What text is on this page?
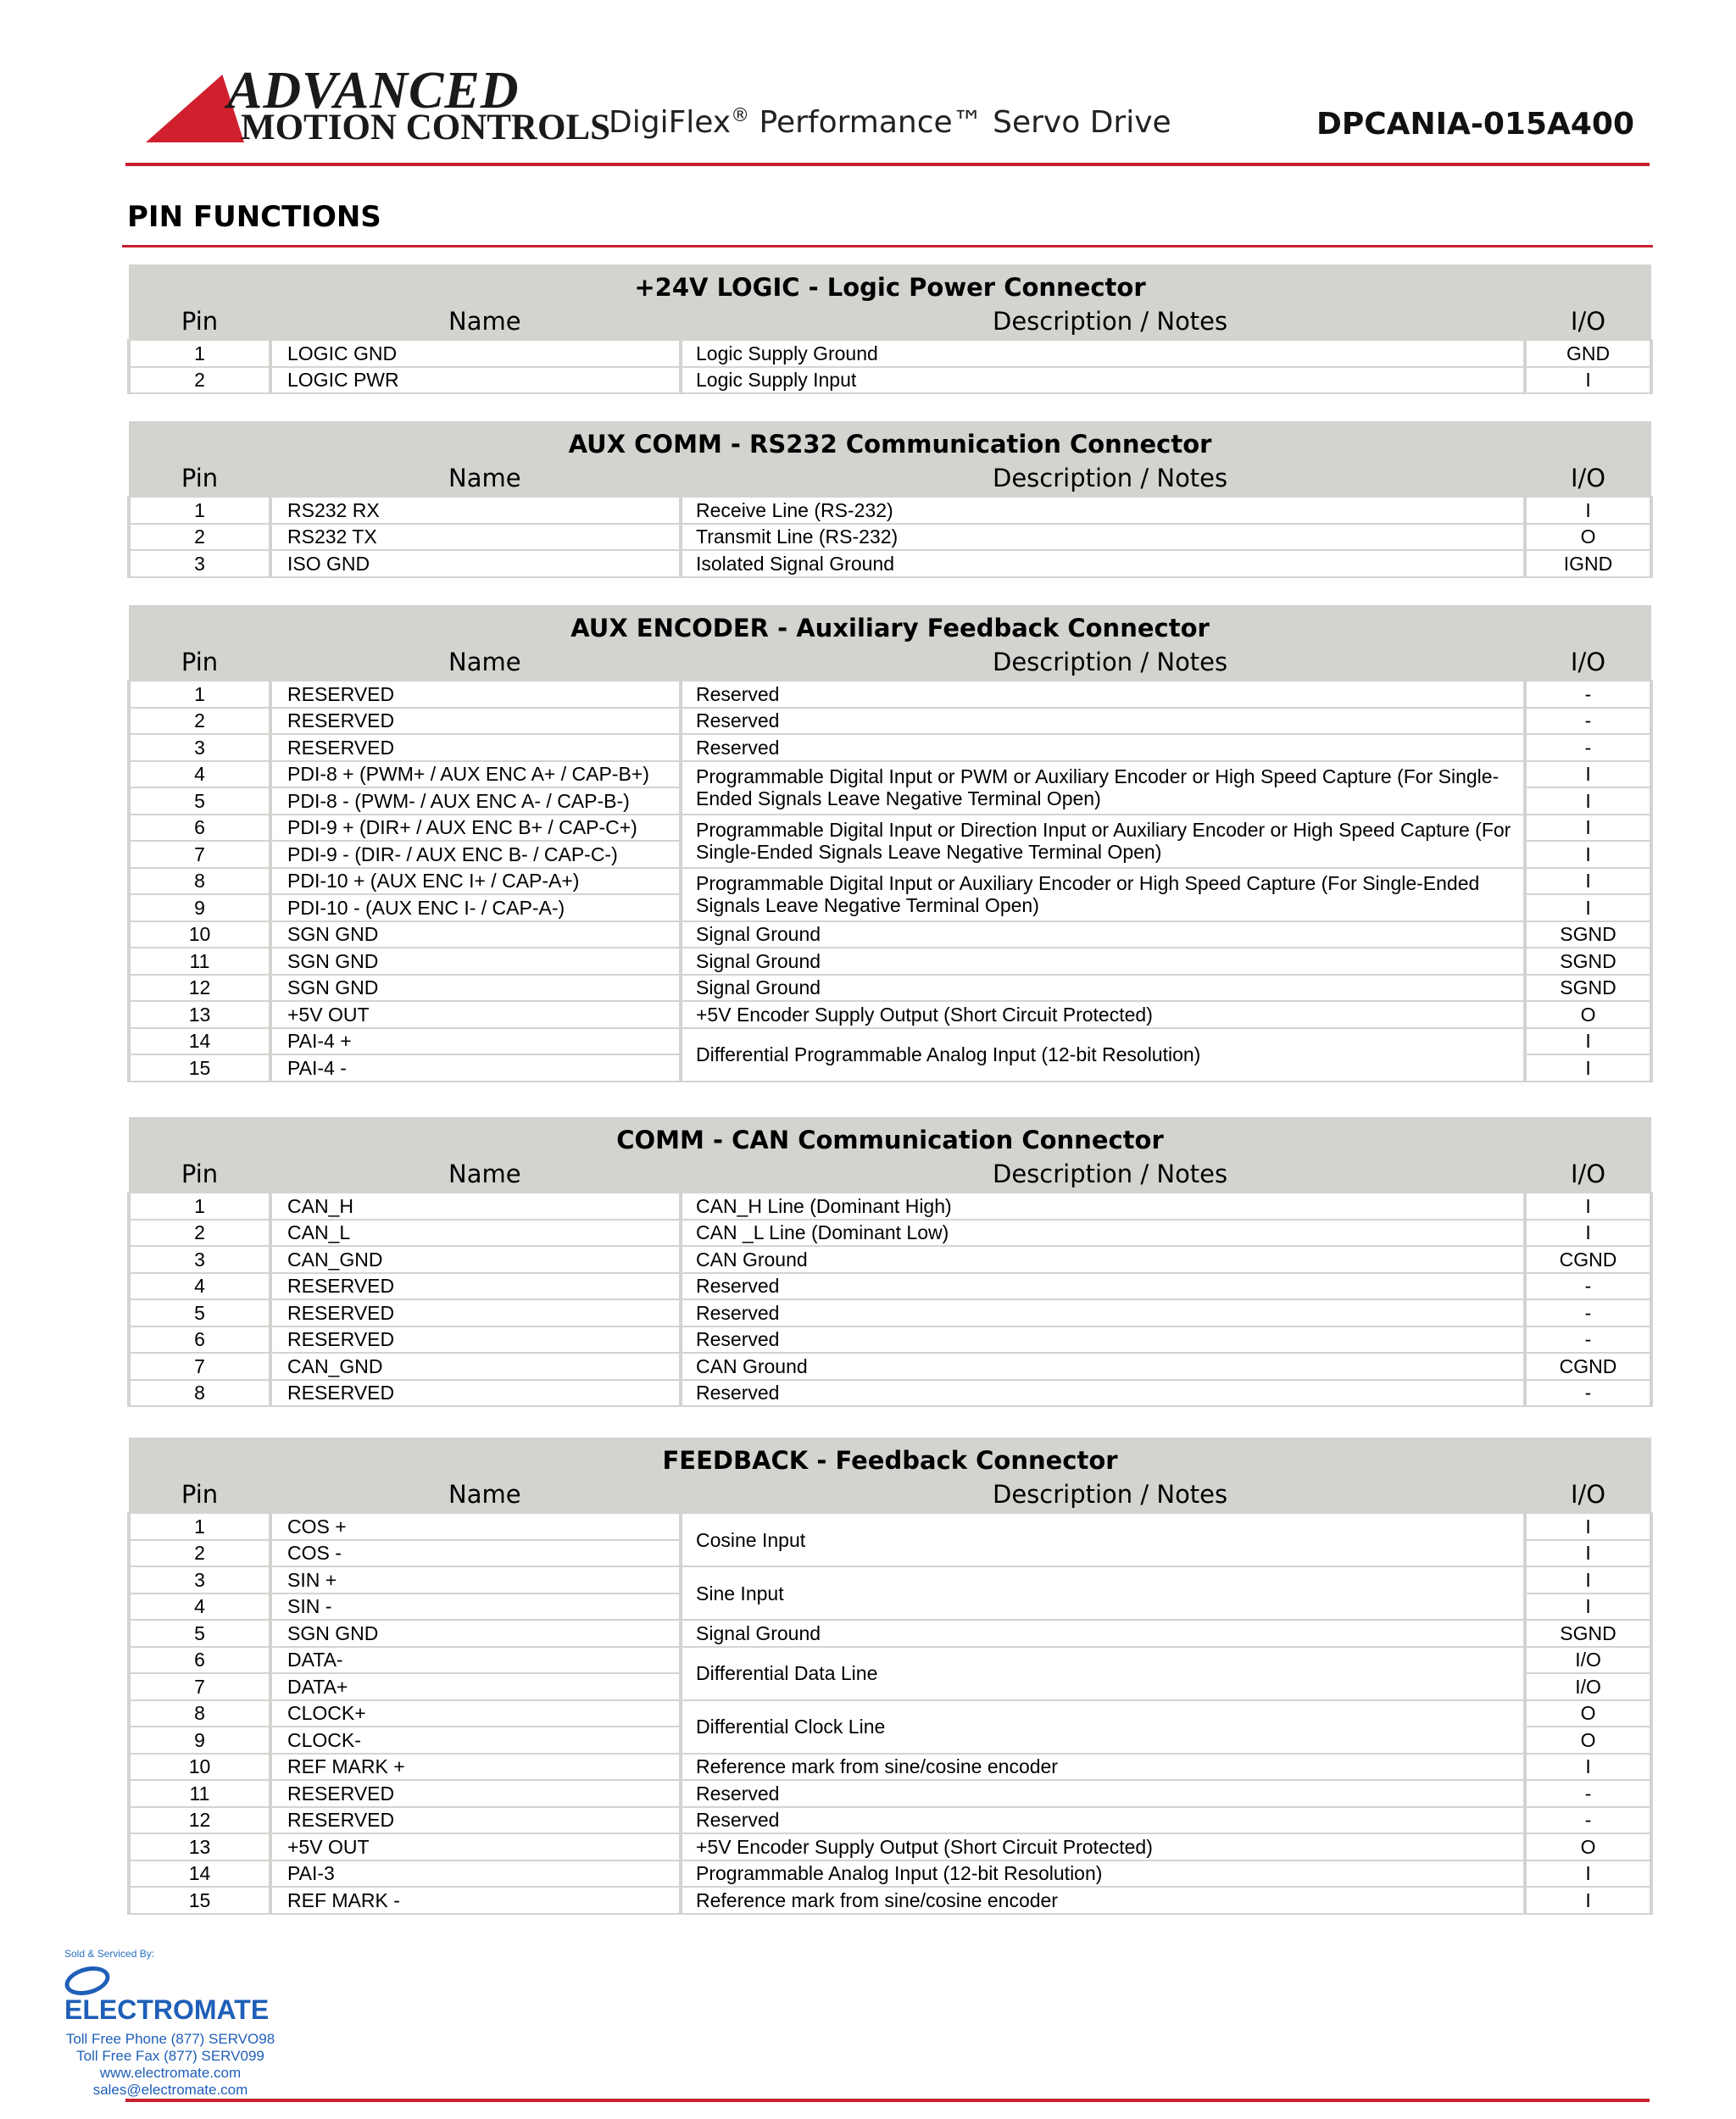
ADVANCED
MOTION CONTROLS
DigiFlex® Performance™ Servo Drive	DPCANIA-015A400
PIN FUNCTIONS
+24V LOGIC - Logic Power Connector			
Pin	Name	Description / Notes	I/O
1	LOGIC GND	Logic Supply Ground	GND
2	LOGIC PWR	Logic Supply Input	I
AUX COMM - RS232 Communication Connector			
Pin	Name	Description / Notes	I/O
1	RS232 RX	Receive Line (RS-232)	I
2	RS232 TX	Transmit Line (RS-232)	O
3	ISO GND	Isolated Signal Ground	IGND
AUX ENCODER - Auxiliary Feedback Connector			
Pin	Name	Description / Notes	I/O
1	RESERVED	Reserved	-
2	RESERVED	Reserved	-
3	RESERVED	Reserved	-
4	PDI-8 + (PWM+ / AUX ENC A+ / CAP-B+)	Programmable Digital Input or PWM or Auxiliary Encoder or High Speed Capture (For Single-Ended Signals Leave Negative Terminal Open)	I
5	PDI-8 - (PWM- / AUX ENC A- / CAP-B-)		I
6	PDI-9 + (DIR+ / AUX ENC B+ / CAP-C+)	Programmable Digital Input or Direction Input or Auxiliary Encoder or High Speed Capture (For Single-Ended Signals Leave Negative Terminal Open)	I
7	PDI-9 - (DIR- / AUX ENC B- / CAP-C-)		I
8	PDI-10 + (AUX ENC I+ / CAP-A+)	Programmable Digital Input or Auxiliary Encoder or High Speed Capture (For Single-Ended Signals Leave Negative Terminal Open)	I
9	PDI-10 - (AUX ENC I- / CAP-A-)		I
10	SGN GND	Signal Ground	SGND
11	SGN GND	Signal Ground	SGND
12	SGN GND	Signal Ground	SGND
13	+5V OUT	+5V Encoder Supply Output (Short Circuit Protected)	O
14	PAI-4 +	Differential Programmable Analog Input (12-bit Resolution)	I
15	PAI-4 -		I
COMM - CAN Communication Connector			
Pin	Name	Description / Notes	I/O
1	CAN_H	CAN_H Line (Dominant High)	I
2	CAN_L	CAN _L Line (Dominant Low)	I
3	CAN_GND	CAN Ground	CGND
4	RESERVED	Reserved	-
5	RESERVED	Reserved	-
6	RESERVED	Reserved	-
7	CAN_GND	CAN Ground	CGND
8	RESERVED	Reserved	-
FEEDBACK - Feedback Connector			
Pin	Name	Description / Notes	I/O
1	COS +	Cosine Input	I
2	COS -		I
3	SIN +	Sine Input	I
4	SIN -		I
5	SGN GND	Signal Ground	SGND
6	DATA-	Differential Data Line	I/O
7	DATA+		I/O
8	CLOCK+	Differential Clock Line	O
9	CLOCK-		O
10	REF MARK +	Reference mark from sine/cosine encoder	I
11	RESERVED	Reserved	-
12	RESERVED	Reserved	-
13	+5V OUT	+5V Encoder Supply Output (Short Circuit Protected)	O
14	PAI-3	Programmable Analog Input (12-bit Resolution)	I
15	REF MARK -	Reference mark from sine/cosine encoder	I
Sold & Serviced By:
ELECTROMATE
Toll Free Phone (877) SERVO98
Toll Free Fax (877) SERV099
www.electromate.com
sales@electromate.com
